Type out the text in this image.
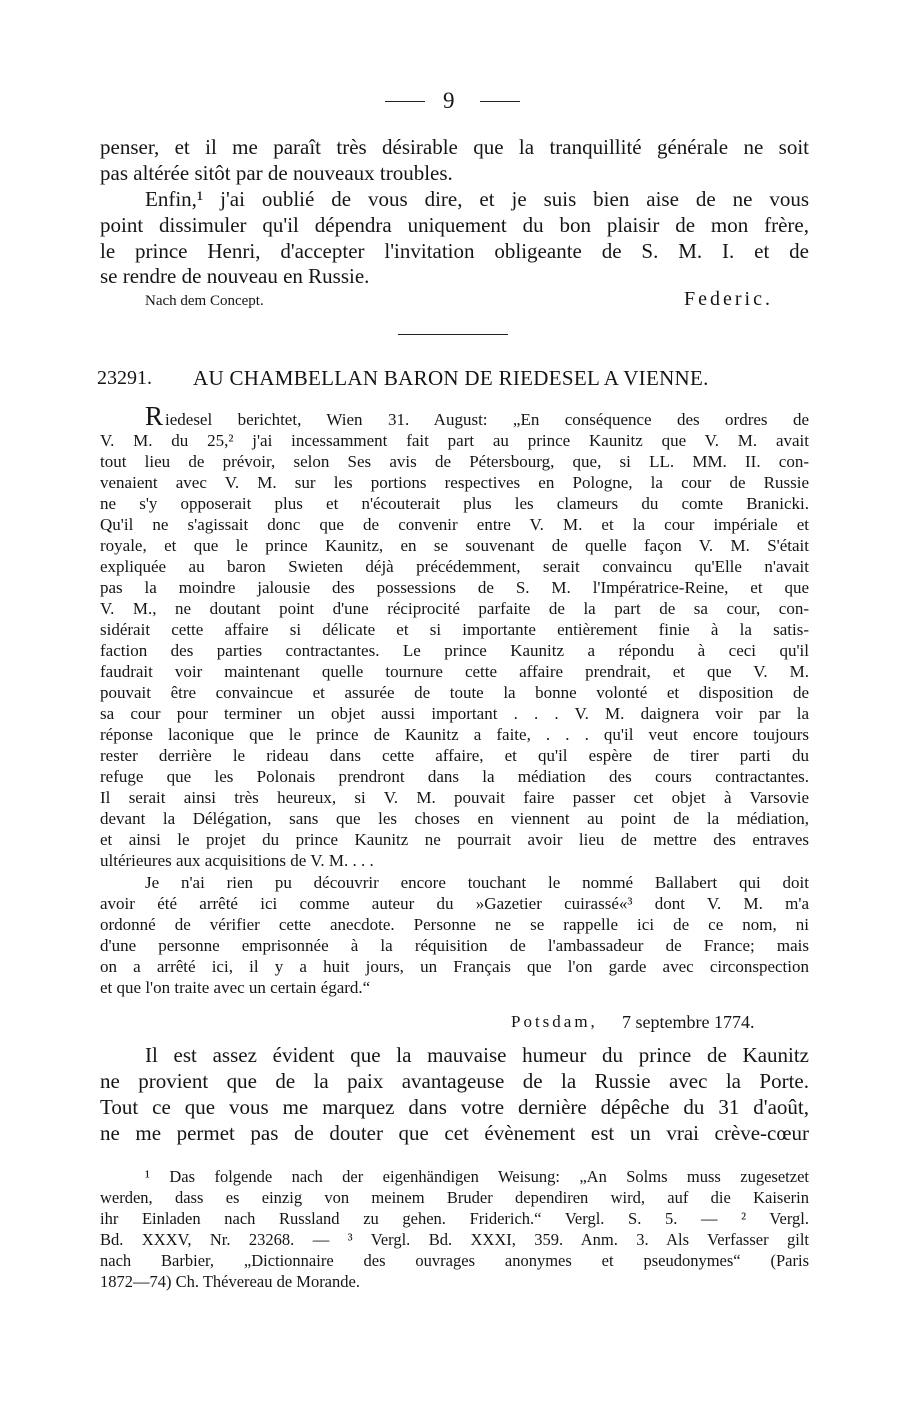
9
penser, et il me paraît très désirable que la tranquillité générale ne soit
pas altérée sitôt par de nouveaux troubles.
Enfin,¹ j'ai oublié de vous dire, et je suis bien aise de ne vous
point dissimuler qu'il dépendra uniquement du bon plaisir de mon frère,
le prince Henri, d'accepter l'invitation obligeante de S. M. I. et de
se rendre de nouveau en Russie.
Nach dem Concept.	Federic.
23291. AU CHAMBELLAN BARON DE RIEDESEL A VIENNE.
R iedesel berichtet, Wien 31. August: „En conséquence des ordres de
V. M. du 25,² j'ai incessamment fait part au prince Kaunitz que V. M. avait
tout lieu de prévoir, selon Ses avis de Pétersbourg, que, si LL. MM. II. con-
venaient avec V. M. sur les portions respectives en Pologne, la cour de Russie
ne s'y opposerait plus et n'écouterait plus les clameurs du comte Branicki.
Qu'il ne s'agissait donc que de convenir entre V. M. et la cour impériale et
royale, et que le prince Kaunitz, en se souvenant de quelle façon V. M. S'était
expliquée au baron Swieten déjà précédemment, serait convaincu qu'Elle n'avait
pas la moindre jalousie des possessions de S. M. l'Impératrice-Reine, et que
V. M., ne doutant point d'une réciprocité parfaite de la part de sa cour, con-
sidérait cette affaire si délicate et si importante entièrement finie à la satis-
faction des parties contractantes. Le prince Kaunitz a répondu à ceci qu'il
faudrait voir maintenant quelle tournure cette affaire prendrait, et que V. M.
pouvait être convaincue et assurée de toute la bonne volonté et disposition de
sa cour pour terminer un objet aussi important . . . V. M. daignera voir par la
réponse laconique que le prince de Kaunitz a faite, . . . qu'il veut encore toujours
rester derrière le rideau dans cette affaire, et qu'il espère de tirer parti du
refuge que les Polonais prendront dans la médiation des cours contractantes.
Il serait ainsi très heureux, si V. M. pouvait faire passer cet objet à Varsovie
devant la Délégation, sans que les choses en viennent au point de la médiation,
et ainsi le projet du prince Kaunitz ne pourrait avoir lieu de mettre des entraves
ultérieures aux acquisitions de V. M. . . .
Je n'ai rien pu découvrir encore touchant le nommé Ballabert qui doit
avoir été arrêté ici comme auteur du »Gazetier cuirassé«³ dont V. M. m'a
ordonné de vérifier cette anecdote. Personne ne se rappelle ici de ce nom, ni
d'une personne emprisonnée à la réquisition de l'ambassadeur de France; mais
on a arrêté ici, il y a huit jours, un Français que l'on garde avec circonspection
et que l'on traite avec un certain égard.“
Potsdam, 7 septembre 1774.
Il est assez évident que la mauvaise humeur du prince de Kaunitz
ne provient que de la paix avantageuse de la Russie avec la Porte.
Tout ce que vous me marquez dans votre dernière dépêche du 31 d'août,
ne me permet pas de douter que cet évènement est un vrai crève-cœur
¹ Das folgende nach der eigenhändigen Weisung: „An Solms muss zugesetzet
werden, dass es einzig von meinem Bruder dependiren wird, auf die Kaiserin
ihr Einladen nach Russland zu gehen. Friderich.“ Vergl. S. 5. — ² Vergl.
Bd. XXXV, Nr. 23268. — ³ Vergl. Bd. XXXI, 359. Anm. 3. Als Verfasser gilt
nach Barbier, „Dictionnaire des ouvrages anonymes et pseudonymes“ (Paris
1872—74) Ch. Thévereau de Morande.
